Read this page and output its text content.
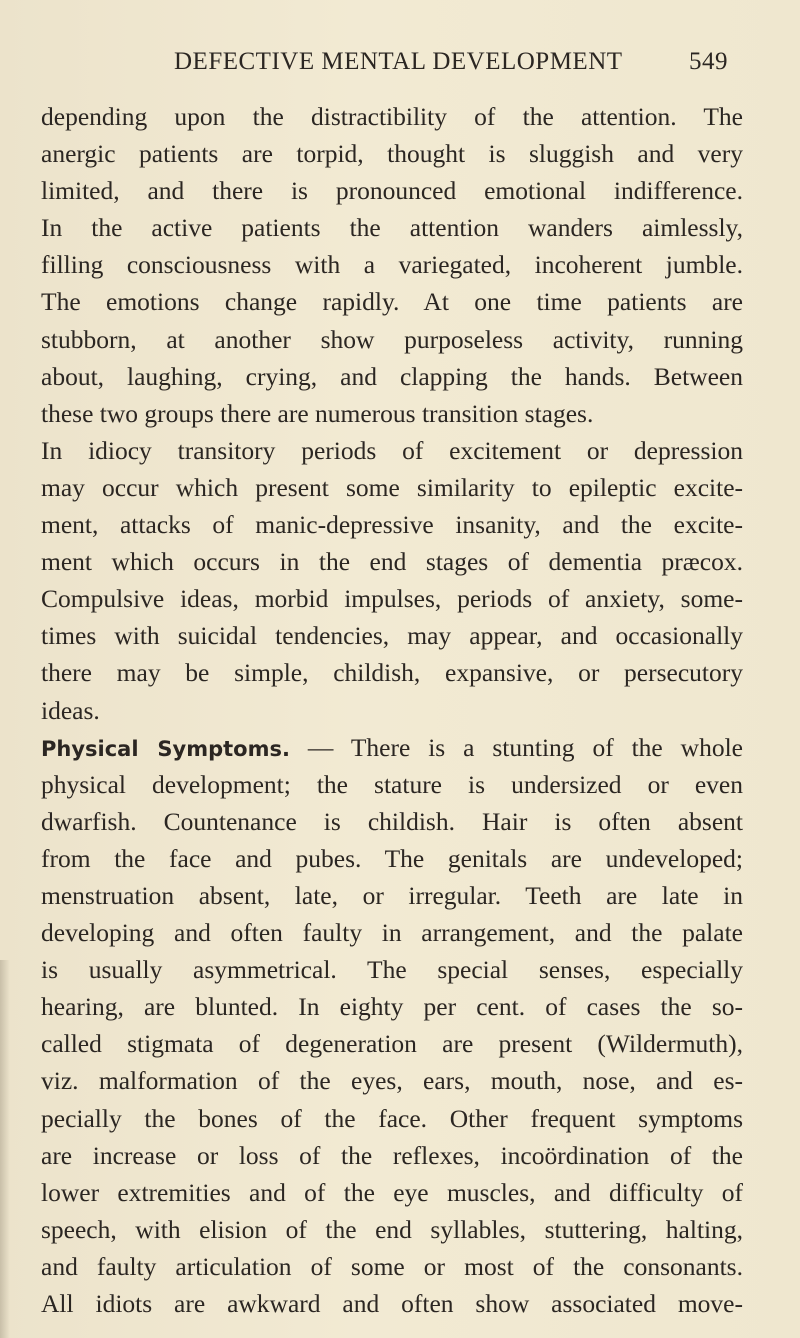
DEFECTIVE MENTAL DEVELOPMENT	549
depending upon the distractibility of the attention. The
anergic patients are torpid, thought is sluggish and very
limited, and there is pronounced emotional indifference.
In the active patients the attention wanders aimlessly,
filling consciousness with a variegated, incoherent jumble.
The emotions change rapidly. At one time patients are
stubborn, at another show purposeless activity, running
about, laughing, crying, and clapping the hands. Between
these two groups there are numerous transition stages.
In idiocy transitory periods of excitement or depression
may occur which present some similarity to epileptic excite-
ment, attacks of manic-depressive insanity, and the excite-
ment which occurs in the end stages of dementia præcox.
Compulsive ideas, morbid impulses, periods of anxiety, some-
times with suicidal tendencies, may appear, and occasionally
there may be simple, childish, expansive, or persecutory
ideas.
Physical Symptoms. — There is a stunting of the whole
physical development; the stature is undersized or even
dwarfish. Countenance is childish. Hair is often absent
from the face and pubes. The genitals are undeveloped;
menstruation absent, late, or irregular. Teeth are late in
developing and often faulty in arrangement, and the palate
is usually asymmetrical. The special senses, especially
hearing, are blunted. In eighty per cent. of cases the so-
called stigmata of degeneration are present (Wildermuth),
viz. malformation of the eyes, ears, mouth, nose, and es-
pecially the bones of the face. Other frequent symptoms
are increase or loss of the reflexes, incoördination of the
lower extremities and of the eye muscles, and difficulty of
speech, with elision of the end syllables, stuttering, halting,
and faulty articulation of some or most of the consonants.
All idiots are awkward and often show associated move-
